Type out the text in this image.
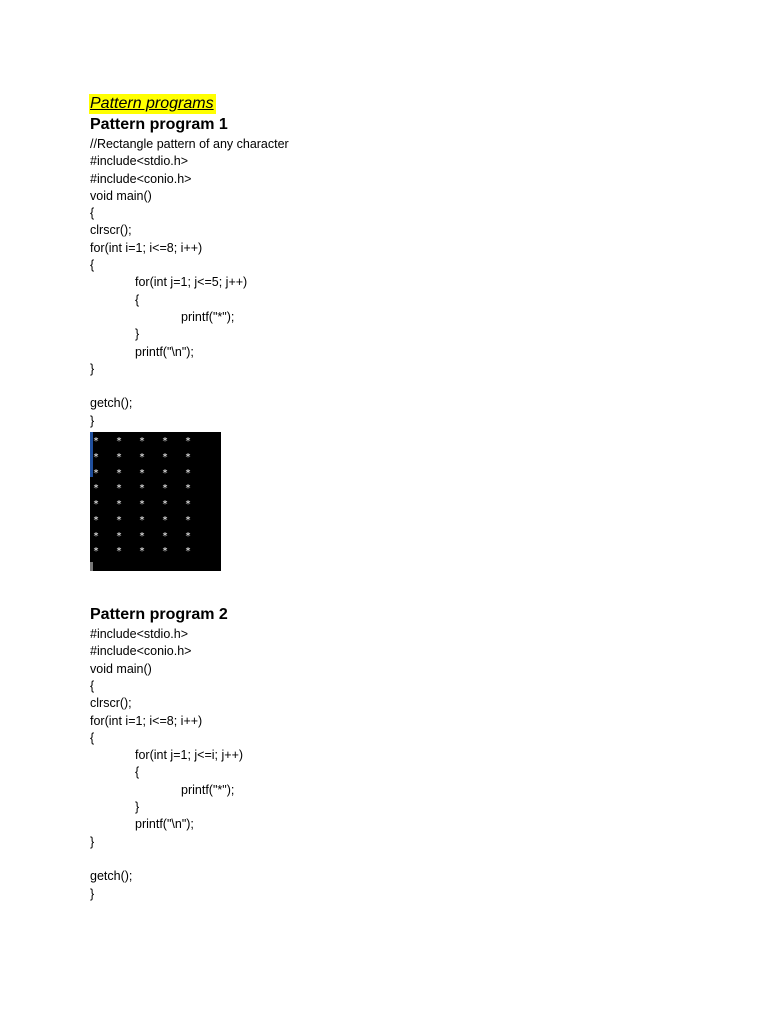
Pattern programs
Pattern program 1
//Rectangle pattern of any character
#include<stdio.h>
#include<conio.h>
void main()
{
clrscr();
for(int i=1; i<=8; i++)
{
for(int j=1; j<=5; j++)
{
printf("*");
}
printf("\n");
}
getch();
}
*	*	*	*	*
*	*	*	*	*
*	*	*	*	*
*	*	*	*	*
*	*	*	*	*
*	*	*	*	*
*	*	*	*	*
*	*	*	*	*
Pattern program 2
#include<stdio.h>
#include<conio.h>
void main()
{
clrscr();
for(int i=1; i<=8; i++)
{
for(int j=1; j<=i; j++)
{
printf("*");
}
printf("\n");
}
getch();
}
